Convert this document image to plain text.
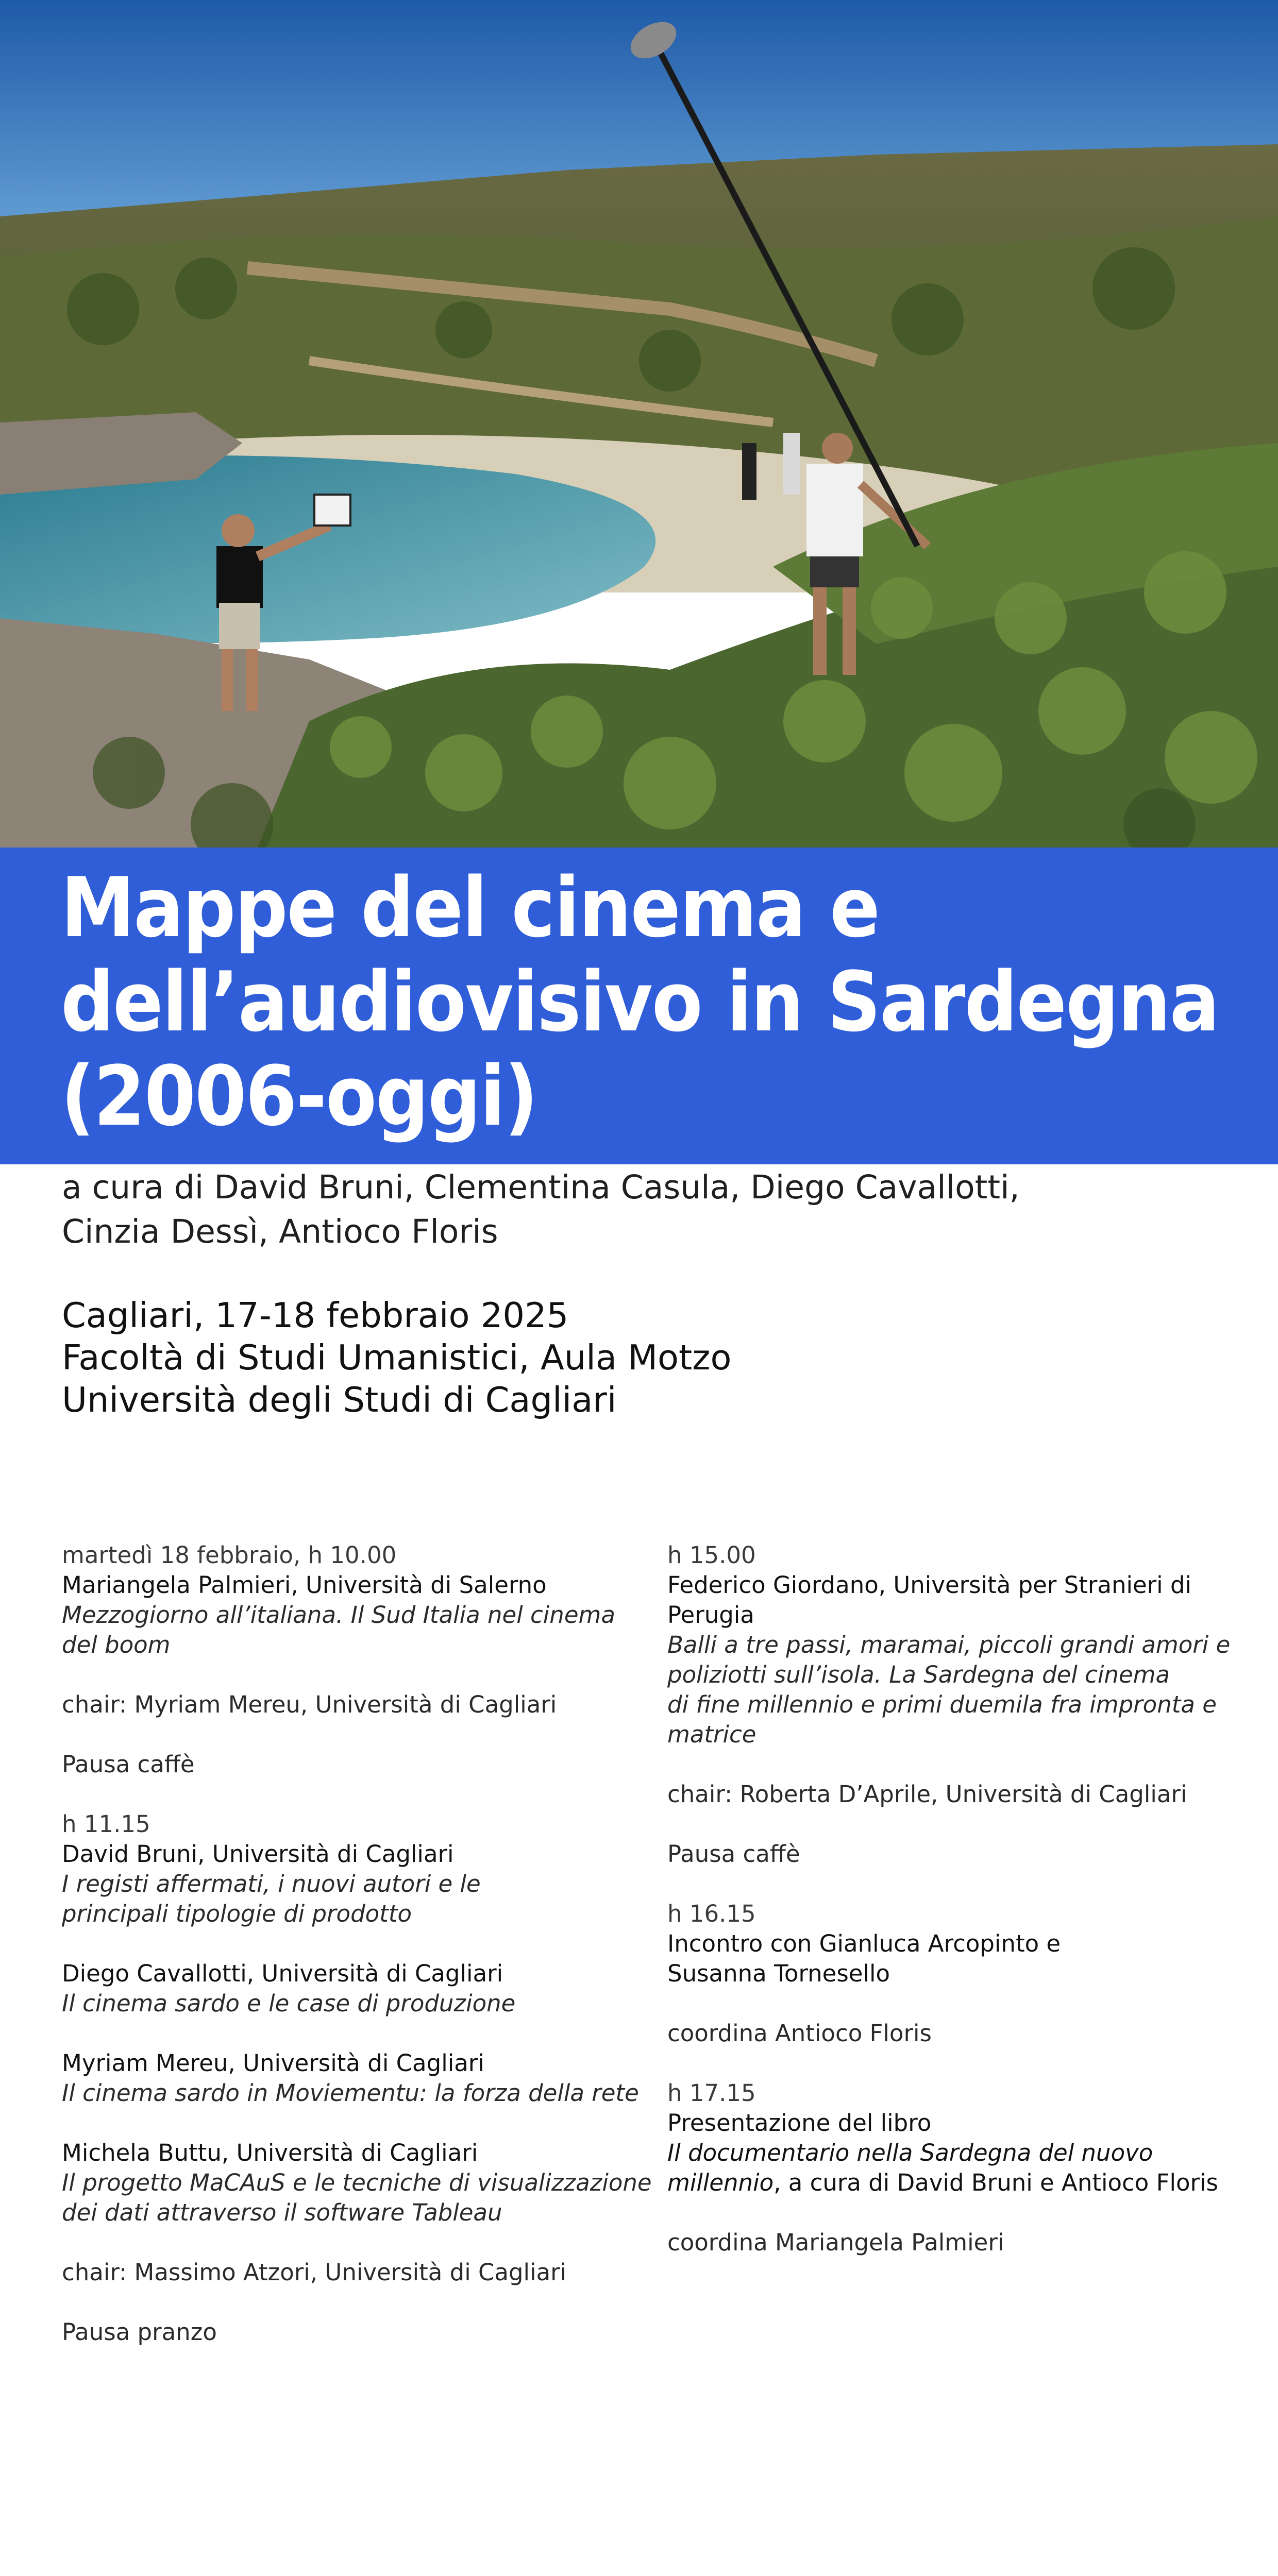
Mappe del cinema e
dell’audiovisivo in Sardegna
(2006-oggi)
a cura di David Bruni, Clementina Casula, Diego Cavallotti,
Cinzia Dessì, Antioco Floris
Cagliari, 17-18 febbraio 2025
Facoltà di Studi Umanistici, Aula Motzo
Università degli Studi di Cagliari
martedì 18 febbraio, h 10.00
Mariangela Palmieri, Università di Salerno
Mezzogiorno all’italiana. Il Sud Italia nel cinema
del boom
chair: Myriam Mereu, Università di Cagliari
Pausa caffè
h 11.15
David Bruni, Università di Cagliari
I registi affermati, i nuovi autori e le
principali tipologie di prodotto
Diego Cavallotti, Università di Cagliari
Il cinema sardo e le case di produzione
Myriam Mereu, Università di Cagliari
Il cinema sardo in Moviementu: la forza della rete
Michela Buttu, Università di Cagliari
Il progetto MaCAuS e le tecniche di visualizzazione
dei dati attraverso il software Tableau
chair: Massimo Atzori, Università di Cagliari
Pausa pranzo
h 15.00
Federico Giordano, Università per Stranieri di
Perugia
Balli a tre passi, maramai, piccoli grandi amori e
poliziotti sull’isola. La Sardegna del cinema
di fine millennio e primi duemila fra impronta e
matrice
chair: Roberta D’Aprile, Università di Cagliari
Pausa caffè
h 16.15
Incontro con Gianluca Arcopinto e
Susanna Tornesello
coordina Antioco Floris
h 17.15
Presentazione del libro
Il documentario nella Sardegna del nuovo
millennio, a cura di David Bruni e Antioco Floris
coordina Mariangela Palmieri
